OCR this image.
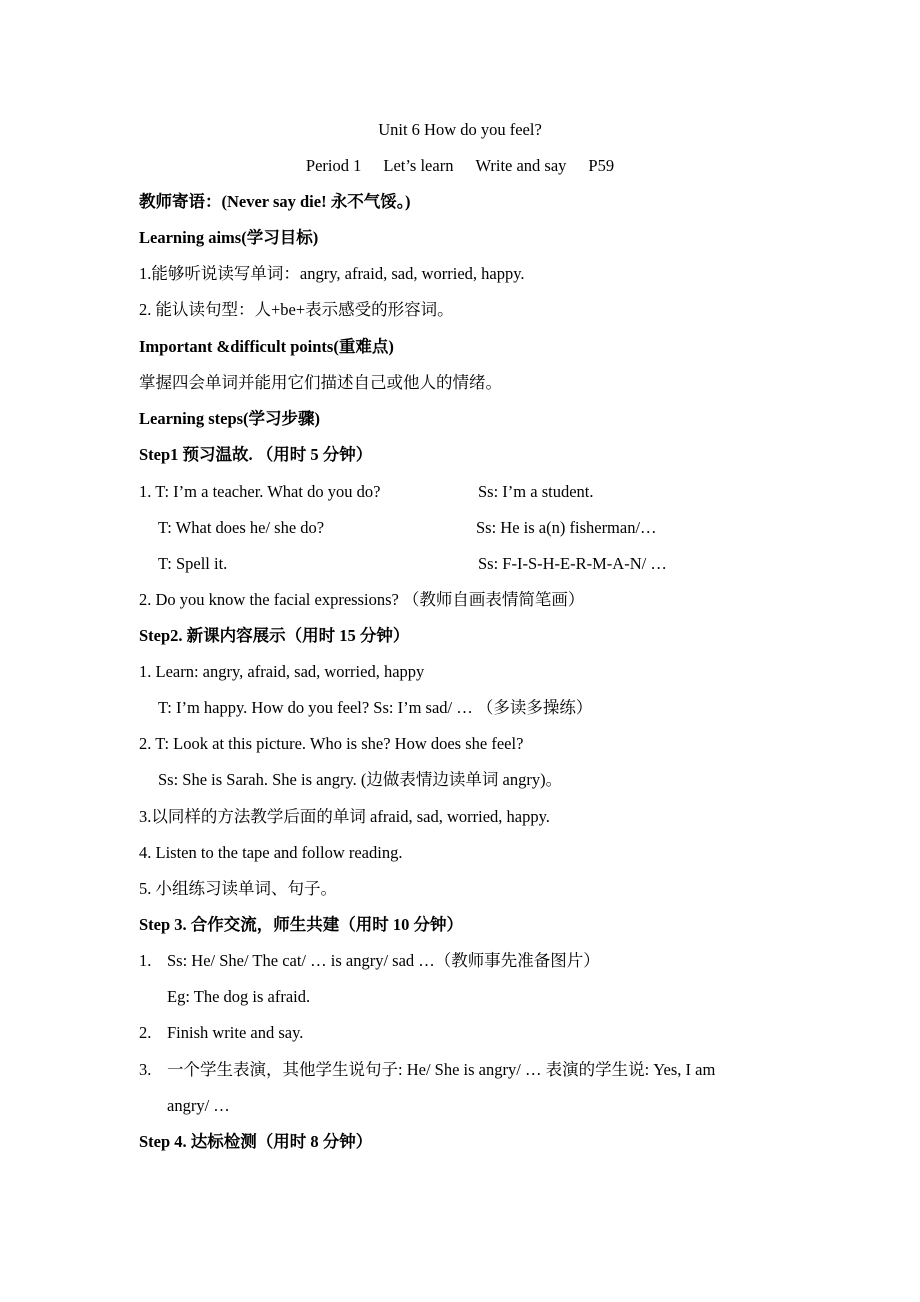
Unit 6 How do you feel?
Period 1 Let’s learn Write and say P59
教师寄语：(Never say die! 永不气馁。)
Learning aims(学习目标)
1.能够听说读写单词：angry, afraid, sad, worried, happy.
2. 能认读句型：人+be+表示感受的形容词。
Important &difficult points(重难点)
掌握四会单词并能用它们描述自己或他人的情绪。
Learning steps(学习步骤)
Step1 预习温故. （用时 5 分钟）
1. T: I’m a teacher. What do you do?	Ss: I’m a student.
T: What does he/ she do?	Ss: He is a(n) fisherman/…
T: Spell it.	Ss: F-I-S-H-E-R-M-A-N/ …
2. Do you know the facial expressions? （教师自画表情简笔画）
Step2. 新课内容展示（用时 15 分钟）
1. Learn: angry, afraid, sad, worried, happy
T: I’m happy. How do you feel? Ss: I’m sad/ … （多读多操练）
2. T: Look at this picture. Who is she? How does she feel?
Ss: She is Sarah. She is angry. (边做表情边读单词 angry)。
3.以同样的方法教学后面的单词 afraid, sad, worried, happy.
4. Listen to the tape and follow reading.
5. 小组练习读单词、句子。
Step 3. 合作交流，师生共建（用时 10 分钟）
1. Ss: He/ She/ The cat/ … is angry/ sad …（教师事先准备图片）
Eg: The dog is afraid.
2. Finish write and say.
3. 一个学生表演，其他学生说句子: He/ She is angry/ … 表演的学生说: Yes, I am
angry/ …
Step 4. 达标检测（用时 8 分钟）
